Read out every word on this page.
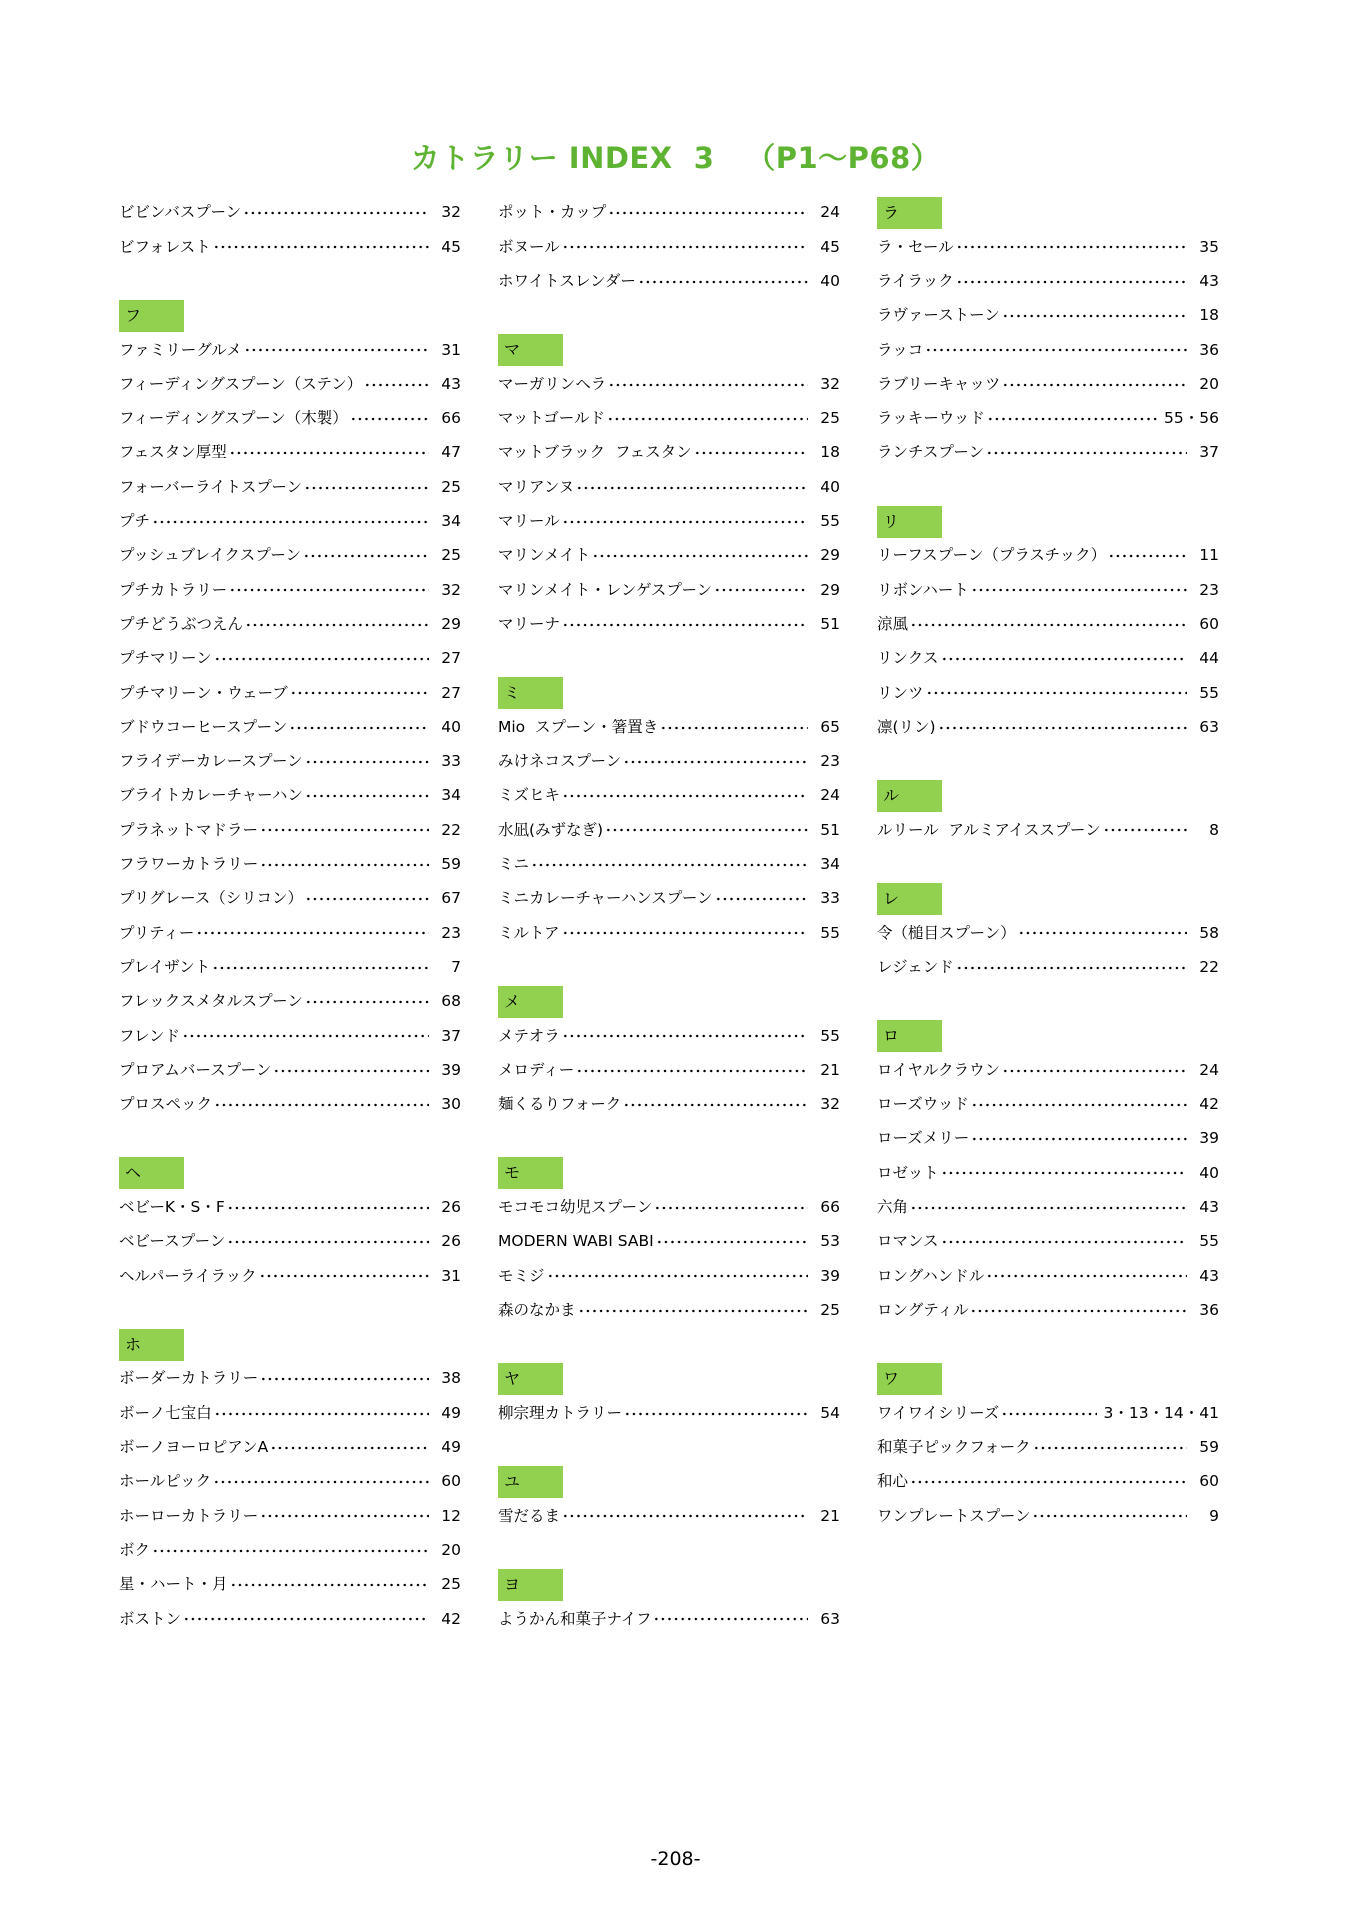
カトラリー INDEX  3   （P1～P68）
ビビンバスプーン	32
ビフォレスト	45
フ
ファミリーグルメ	31
フィーディングスプーン（ステン）	43
フィーディングスプーン（木製）	66
フェスタン厚型	47
フォーバーライトスプーン	25
プチ	34
プッシュブレイクスプーン	25
プチカトラリー	32
プチどうぶつえん	29
プチマリーン	27
プチマリーン・ウェーブ	27
ブドウコーヒースプーン	40
フライデーカレースプーン	33
ブライトカレーチャーハン	34
プラネットマドラー	22
フラワーカトラリー	59
プリグレース（シリコン）	67
プリティー	23
プレイザント	7
フレックスメタルスプーン	68
フレンド	37
プロアムバースプーン	39
プロスペック	30
ヘ
ベビーK・S・F	26
ベビースプーン	26
ヘルパーライラック	31
ホ
ボーダーカトラリー	38
ボーノ七宝白	49
ボーノヨーロピアンA	49
ホールピック	60
ホーローカトラリー	12
ボク	20
星・ハート・月	25
ボストン	42
ポット・カップ	24
ボヌール	45
ホワイトスレンダー	40
マ
マーガリンヘラ	32
マットゴールド	25
マットブラック  フェスタン	18
マリアンヌ	40
マリール	55
マリンメイト	29
マリンメイト・レンゲスプーン	29
マリーナ	51
ミ
Mio  スプーン・箸置き	65
みけネコスプーン	23
ミズヒキ	24
水凪(みずなぎ)	51
ミニ	34
ミニカレーチャーハンスプーン	33
ミルトア	55
メ
メテオラ	55
メロディー	21
麺くるりフォーク	32
モ
モコモコ幼児スプーン	66
MODERN WABI SABI	53
モミジ	39
森のなかま	25
ヤ
柳宗理カトラリー	54
ユ
雪だるま	21
ヨ
ようかん和菓子ナイフ	63
ラ
ラ・セール	35
ライラック	43
ラヴァーストーン	18
ラッコ	36
ラブリーキャッツ	20
ラッキーウッド	55・56
ランチスプーン	37
リ
リーフスプーン（プラスチック）	11
リボンハート	23
涼風	60
リンクス	44
リンツ	55
凛(リン)	63
ル
ルリール  アルミアイススプーン	8
レ
令（槌目スプーン）	58
レジェンド	22
ロ
ロイヤルクラウン	24
ローズウッド	42
ローズメリー	39
ロゼット	40
六角	43
ロマンス	55
ロングハンドル	43
ロングティル	36
ワ
ワイワイシリーズ	3・13・14・41
和菓子ピックフォーク	59
和心	60
ワンプレートスプーン	9
-208-
